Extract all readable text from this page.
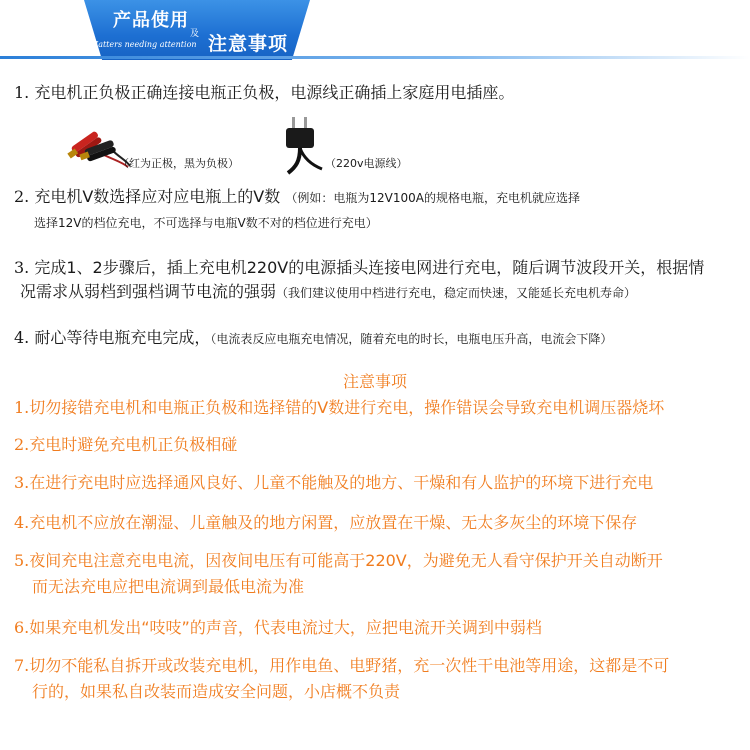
产品使用
及
Matters needing attention 注意事项
1. 充电机正负极正确连接电瓶正负极，电源线正确插上家庭用电插座。
（红为正极，黑为负极）	（220v电源线）
2. 充电机V数选择应对应电瓶上的V数 （例如：电瓶为12V100A的规格电瓶，充电机就应选择
选择12V的档位充电，不可选择与电瓶V数不对的档位进行充电）
3. 完成1、2步骤后，插上充电机220V的电源插头连接电网进行充电，随后调节波段开关，根据情
况需求从弱档到强档调节电流的强弱（我们建议使用中档进行充电，稳定而快速，又能延长充电机寿命）
4. 耐心等待电瓶充电完成，（电流表反应电瓶充电情况，随着充电的时长，电瓶电压升高，电流会下降）
注意事项
1.切勿接错充电机和电瓶正负极和选择错的V数进行充电，操作错误会导致充电机调压器烧坏
2.充电时避免充电机正负极相碰
3.在进行充电时应选择通风良好、儿童不能触及的地方、干燥和有人监护的环境下进行充电
4.充电机不应放在潮湿、儿童触及的地方闲置，应放置在干燥、无太多灰尘的环境下保存
5.夜间充电注意充电电流，因夜间电压有可能高于220V，为避免无人看守保护开关自动断开
而无法充电应把电流调到最低电流为准
6.如果充电机发出“吱吱”的声音，代表电流过大，应把电流开关调到中弱档
7.切勿不能私自拆开或改装充电机，用作电鱼、电野猪，充一次性干电池等用途，这都是不可
行的，如果私自改装而造成安全问题，小店概不负责
